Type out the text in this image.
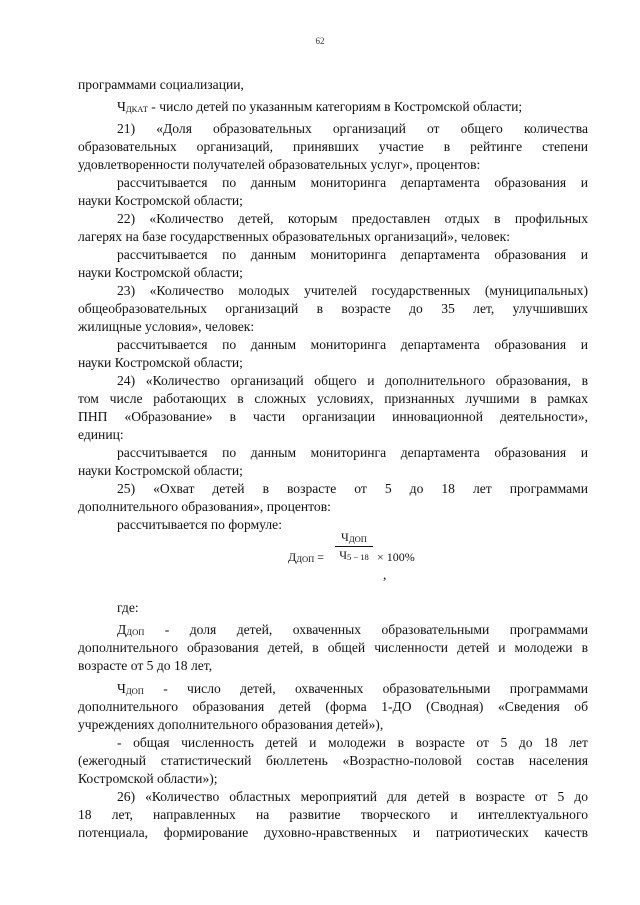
62
программами социализации,
ЧДКАТ - число детей по указанным категориям в Костромской области;
21) «Доля образовательных организаций от общего количества
образовательных организаций, принявших участие в рейтинге степени
удовлетворенности получателей образовательных услуг», процентов:
рассчитывается по данным мониторинга департамента образования и
науки Костромской области;
22) «Количество детей, которым предоставлен отдых в профильных
лагерях на базе государственных образовательных организаций», человек:
рассчитывается по данным мониторинга департамента образования и
науки Костромской области;
23) «Количество молодых учителей государственных (муниципальных)
общеобразовательных организаций в возрасте до 35 лет, улучшивших
жилищные условия», человек:
рассчитывается по данным мониторинга департамента образования и
науки Костромской области;
24) «Количество организаций общего и дополнительного образования, в
том числе работающих в сложных условиях, признанных лучшими в рамках
ПНП «Образование» в части организации инновационной деятельности»,
единиц:
рассчитывается по данным мониторинга департамента образования и
науки Костромской области;
25) «Охват детей в возрасте от 5 до 18 лет программами
дополнительного образования», процентов:
рассчитывается по формуле:
ДДОП =
ЧДОП
Ч5 − 18 × 100%
,
где:
ДДОП - доля детей, охваченных образовательными программами
дополнительного образования детей, в общей численности детей и молодежи в
возрасте от 5 до 18 лет,
ЧДОП - число детей, охваченных образовательными программами
дополнительного образования детей (форма 1-ДО (Сводная) «Сведения об
учреждениях дополнительного образования детей»),
- общая численность детей и молодежи в возрасте от 5 до 18 лет
(ежегодный статистический бюллетень «Возрастно-половой состав населения
Костромской области»);
26) «Количество областных мероприятий для детей в возрасте от 5 до
18 лет, направленных на развитие творческого и интеллектуального
потенциала, формирование духовно-нравственных и патриотических качеств
